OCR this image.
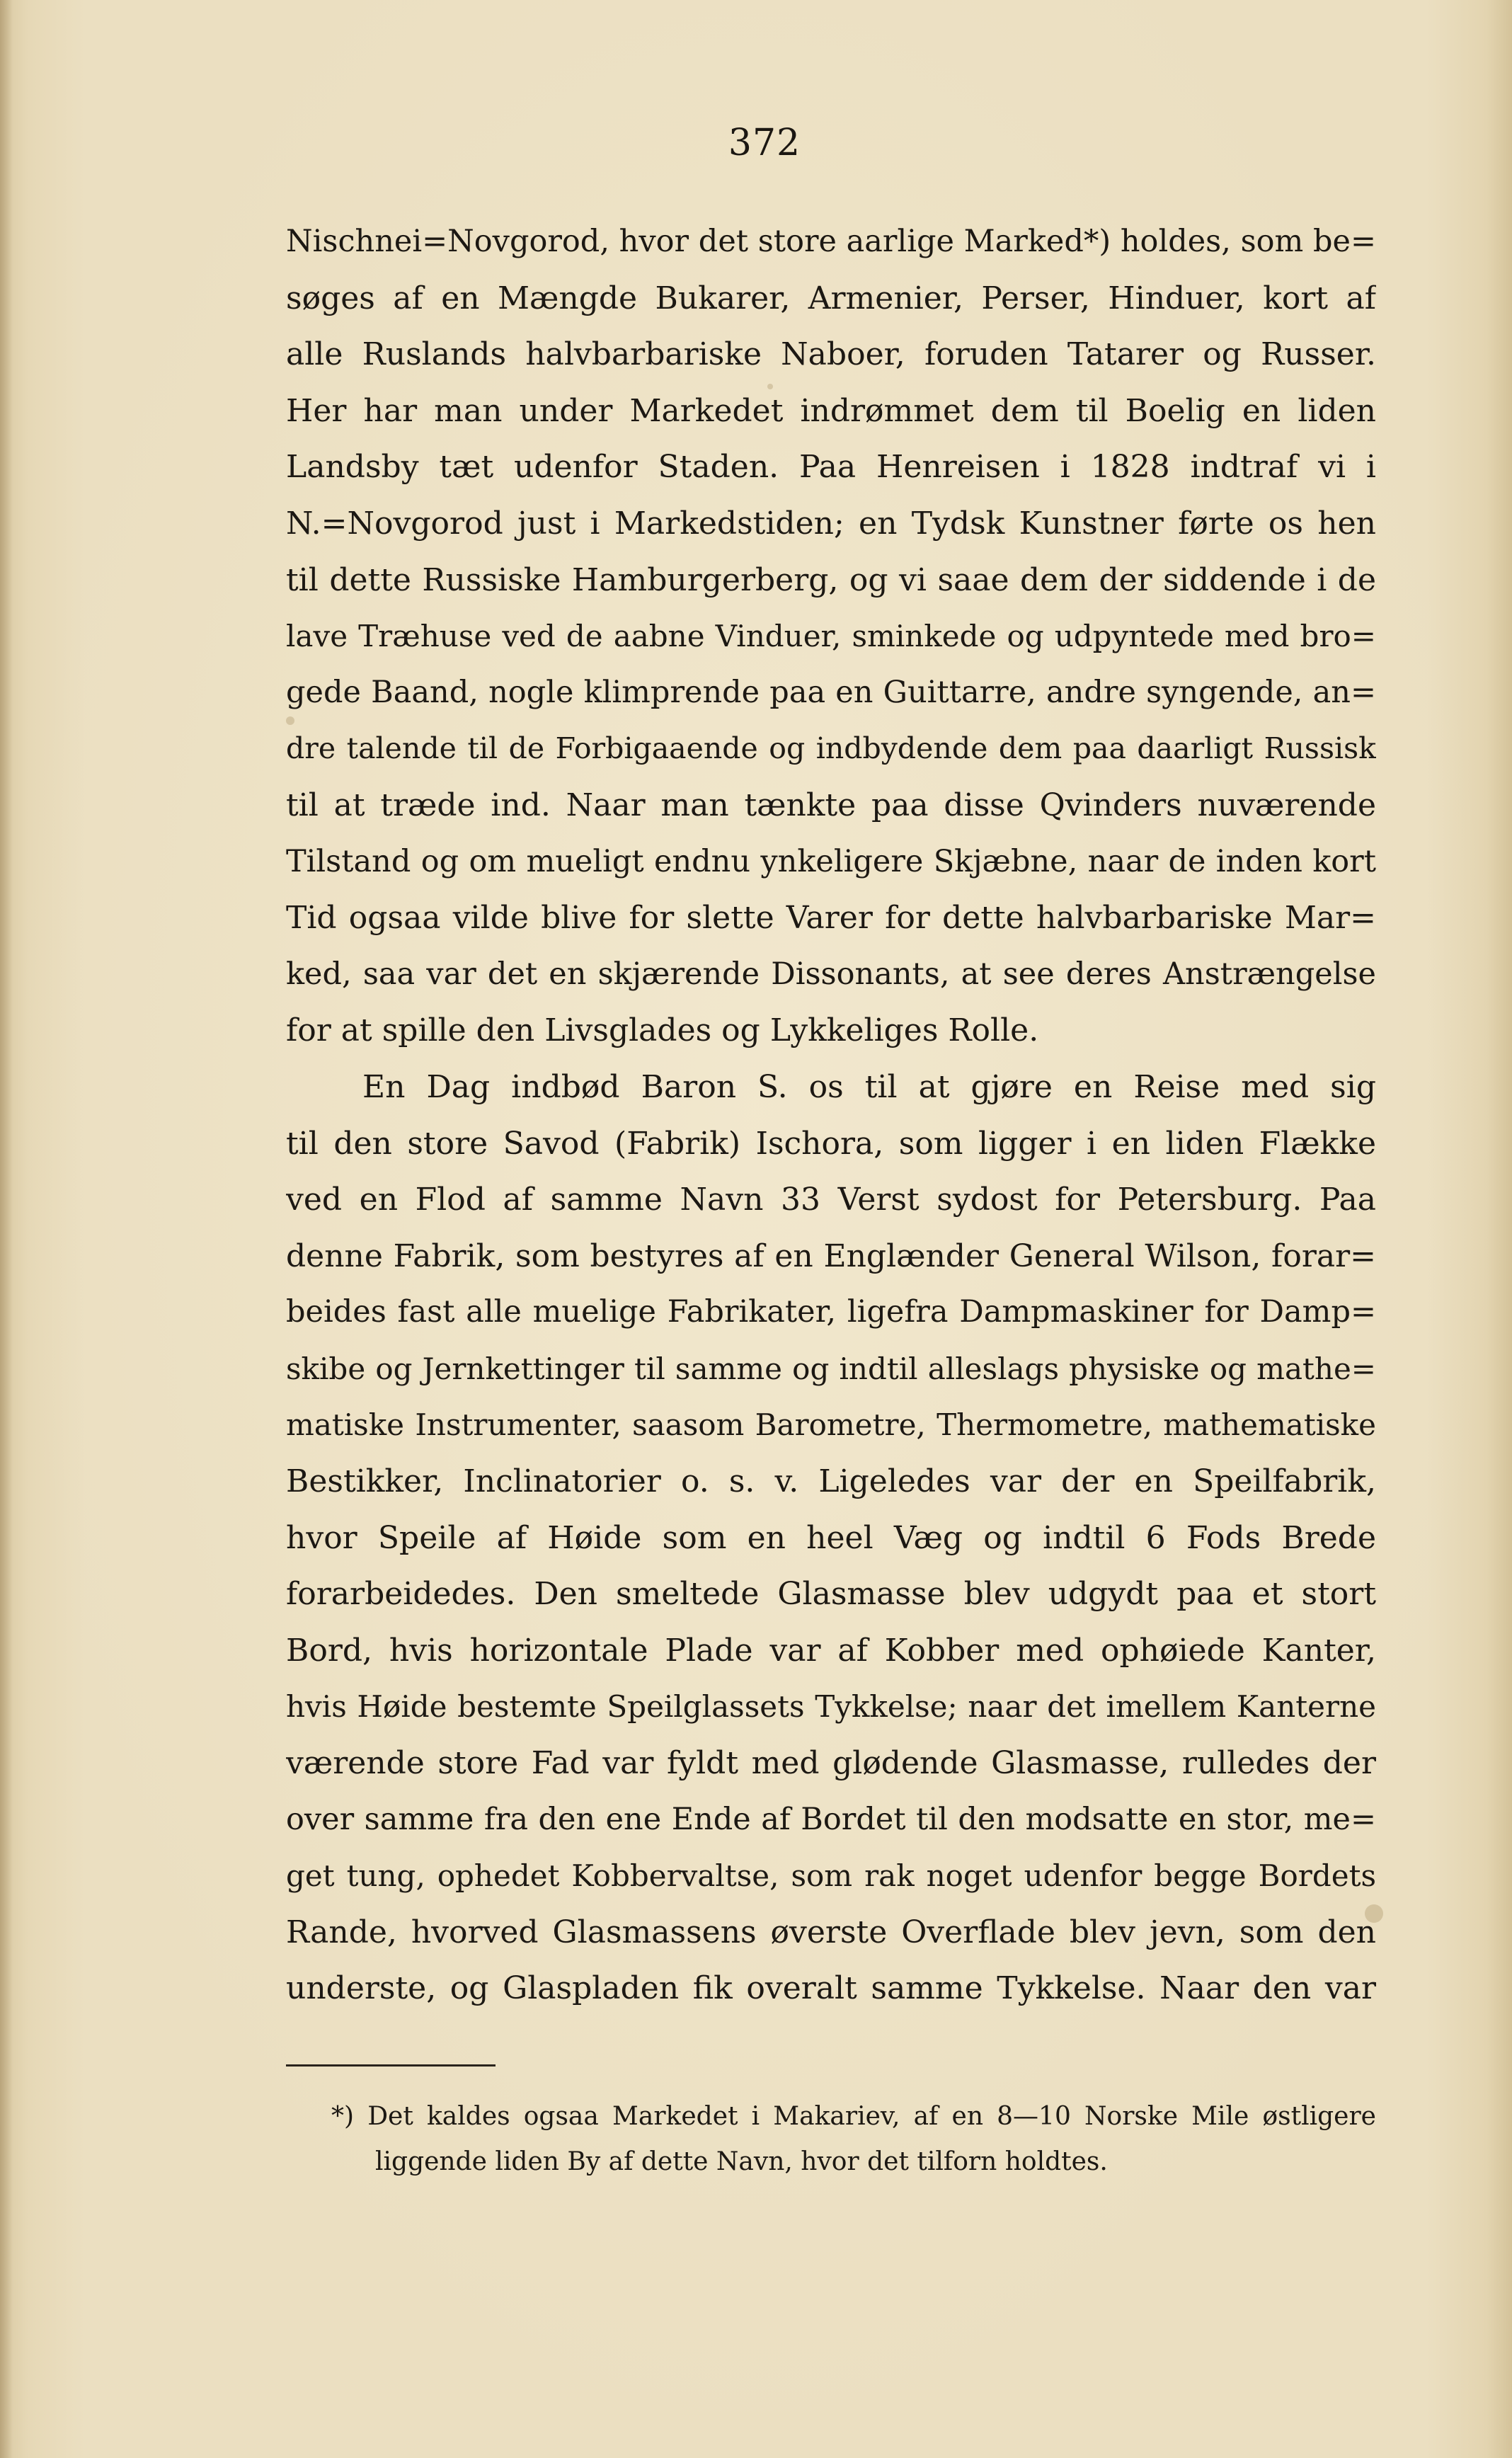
372
Nischnei=Novgorod, hvor det store aarlige Marked*) holdes, som be=
søges af en Mængde Bukarer, Armenier, Perser, Hinduer, kort af
alle Ruslands halvbarbariske Naboer, foruden Tatarer og Russer.
Her har man under Markedet indrømmet dem til Boelig en liden
Landsby tæt udenfor Staden. Paa Henreisen i 1828 indtraf vi i
N.=Novgorod just i Markedstiden; en Tydsk Kunstner førte os hen
til dette Russiske Hamburgerberg, og vi saae dem der siddende i de
lave Træhuse ved de aabne Vinduer, sminkede og udpyntede med bro=
gede Baand, nogle klimprende paa en Guittarre, andre syngende, an=
dre talende til de Forbigaaende og indbydende dem paa daarligt Russisk
til at træde ind. Naar man tænkte paa disse Qvinders nuværende
Tilstand og om mueligt endnu ynkeligere Skjæbne, naar de inden kort
Tid ogsaa vilde blive for slette Varer for dette halvbarbariske Mar=
ked, saa var det en skjærende Dissonants, at see deres Anstrængelse
for at spille den Livsglades og Lykkeliges Rolle.
En Dag indbød Baron S. os til at gjøre en Reise med sig
til den store Savod (Fabrik) Ischora, som ligger i en liden Flække
ved en Flod af samme Navn 33 Verst sydost for Petersburg. Paa
denne Fabrik, som bestyres af en Englænder General Wilson, forar=
beides fast alle muelige Fabrikater, ligefra Dampmaskiner for Damp=
skibe og Jernkettinger til samme og indtil alleslags physiske og mathe=
matiske Instrumenter, saasom Barometre, Thermometre, mathematiske
Bestikker, Inclinatorier o. s. v. Ligeledes var der en Speilfabrik,
hvor Speile af Høide som en heel Væg og indtil 6 Fods Brede
forarbeidedes. Den smeltede Glasmasse blev udgydt paa et stort
Bord, hvis horizontale Plade var af Kobber med ophøiede Kanter,
hvis Høide bestemte Speilglassets Tykkelse; naar det imellem Kanterne
værende store Fad var fyldt med glødende Glasmasse, rulledes der
over samme fra den ene Ende af Bordet til den modsatte en stor, me=
get tung, ophedet Kobbervaltse, som rak noget udenfor begge Bordets
Rande, hvorved Glasmassens øverste Overflade blev jevn, som den
underste, og Glaspladen fik overalt samme Tykkelse. Naar den var
*) Det kaldes ogsaa Markedet i Makariev, af en 8—10 Norske Mile østligere
liggende liden By af dette Navn, hvor det tilforn holdtes.
